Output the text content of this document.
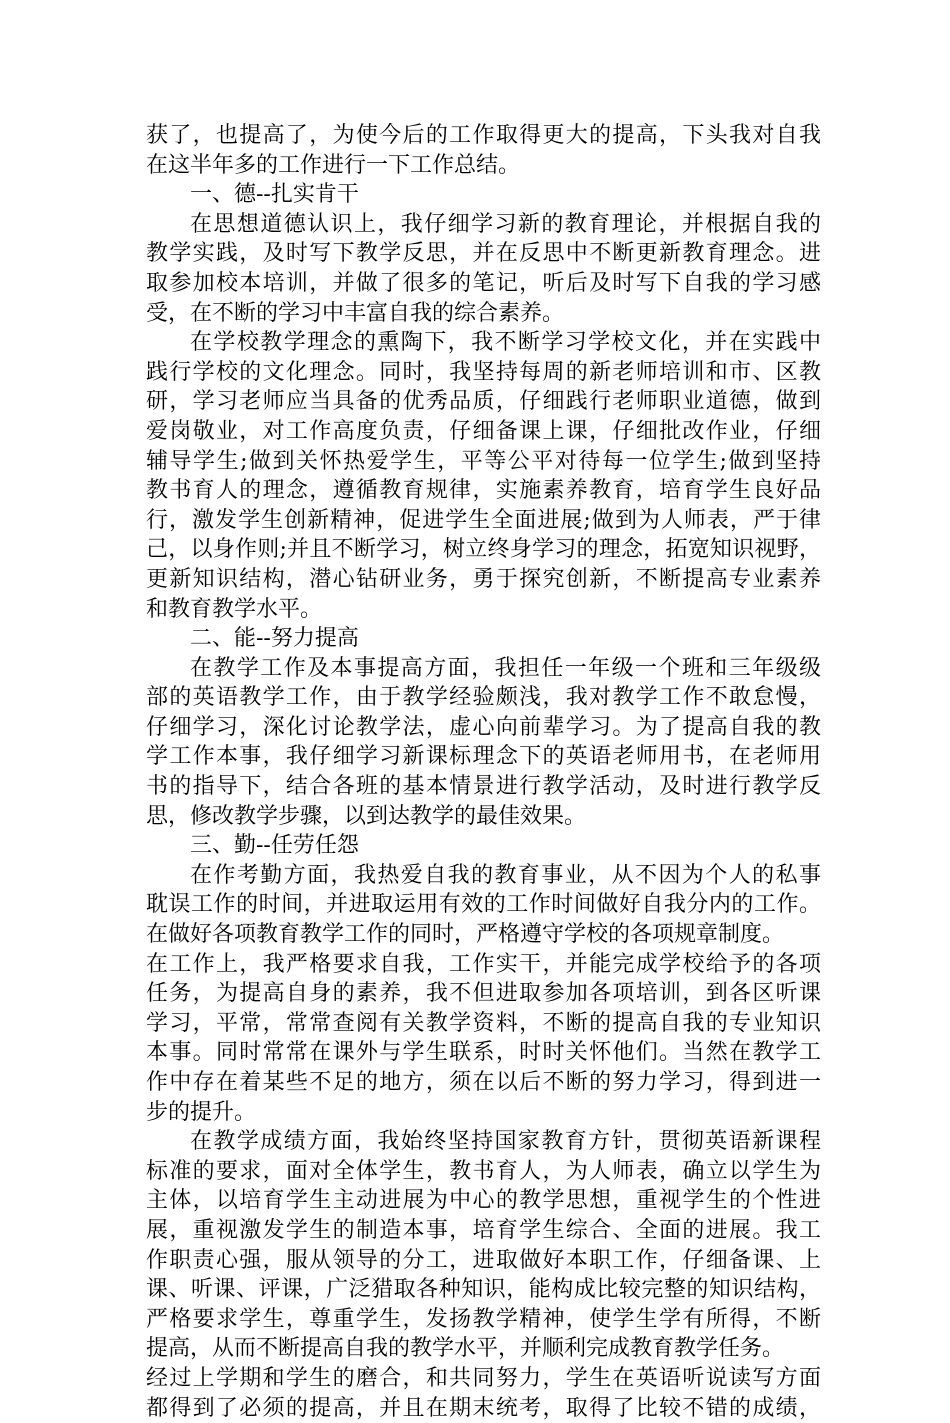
获了，也提高了，为使今后的工作取得更大的提高，下头我对自我
在这半年多的工作进行一下工作总结。
一、德--扎实肯干
在思想道德认识上，我仔细学习新的教育理论，并根据自我的
教学实践，及时写下教学反思，并在反思中不断更新教育理念。进
取参加校本培训，并做了很多的笔记，听后及时写下自我的学习感
受，在不断的学习中丰富自我的综合素养。
在学校教学理念的熏陶下，我不断学习学校文化，并在实践中
践行学校的文化理念。同时，我坚持每周的新老师培训和市、区教
研，学习老师应当具备的优秀品质，仔细践行老师职业道德，做到
爱岗敬业，对工作高度负责，仔细备课上课，仔细批改作业，仔细
辅导学生;做到关怀热爱学生，平等公平对待每一位学生;做到坚持
教书育人的理念，遵循教育规律，实施素养教育，培育学生良好品
行，激发学生创新精神，促进学生全面进展;做到为人师表，严于律
己，以身作则;并且不断学习，树立终身学习的理念，拓宽知识视野，
更新知识结构，潜心钻研业务，勇于探究创新，不断提高专业素养
和教育教学水平。
二、能--努力提高
在教学工作及本事提高方面，我担任一年级一个班和三年级级
部的英语教学工作，由于教学经验颇浅，我对教学工作不敢怠慢，
仔细学习，深化讨论教学法，虚心向前辈学习。为了提高自我的教
学工作本事，我仔细学习新课标理念下的英语老师用书，在老师用
书的指导下，结合各班的基本情景进行教学活动，及时进行教学反
思，修改教学步骤，以到达教学的最佳效果。
三、勤--任劳任怨
在作考勤方面，我热爱自我的教育事业，从不因为个人的私事
耽误工作的时间，并进取运用有效的工作时间做好自我分内的工作。
在做好各项教育教学工作的同时，严格遵守学校的各项规章制度。
在工作上，我严格要求自我，工作实干，并能完成学校给予的各项
任务，为提高自身的素养，我不但进取参加各项培训，到各区听课
学习，平常，常常查阅有关教学资料，不断的提高自我的专业知识
本事。同时常常在课外与学生联系，时时关怀他们。当然在教学工
作中存在着某些不足的地方，须在以后不断的努力学习，得到进一
步的提升。
在教学成绩方面，我始终坚持国家教育方针，贯彻英语新课程
标准的要求，面对全体学生，教书育人，为人师表，确立以学生为
主体，以培育学生主动进展为中心的教学思想，重视学生的个性进
展，重视激发学生的制造本事，培育学生综合、全面的进展。我工
作职责心强，服从领导的分工，进取做好本职工作，仔细备课、上
课、听课、评课，广泛猎取各种知识，能构成比较完整的知识结构，
严格要求学生，尊重学生，发扬教学精神，使学生学有所得，不断
提高，从而不断提高自我的教学水平，并顺利完成教育教学任务。
经过上学期和学生的磨合，和共同努力，学生在英语听说读写方面
都得到了必须的提高，并且在期末统考，取得了比较不错的成绩，
